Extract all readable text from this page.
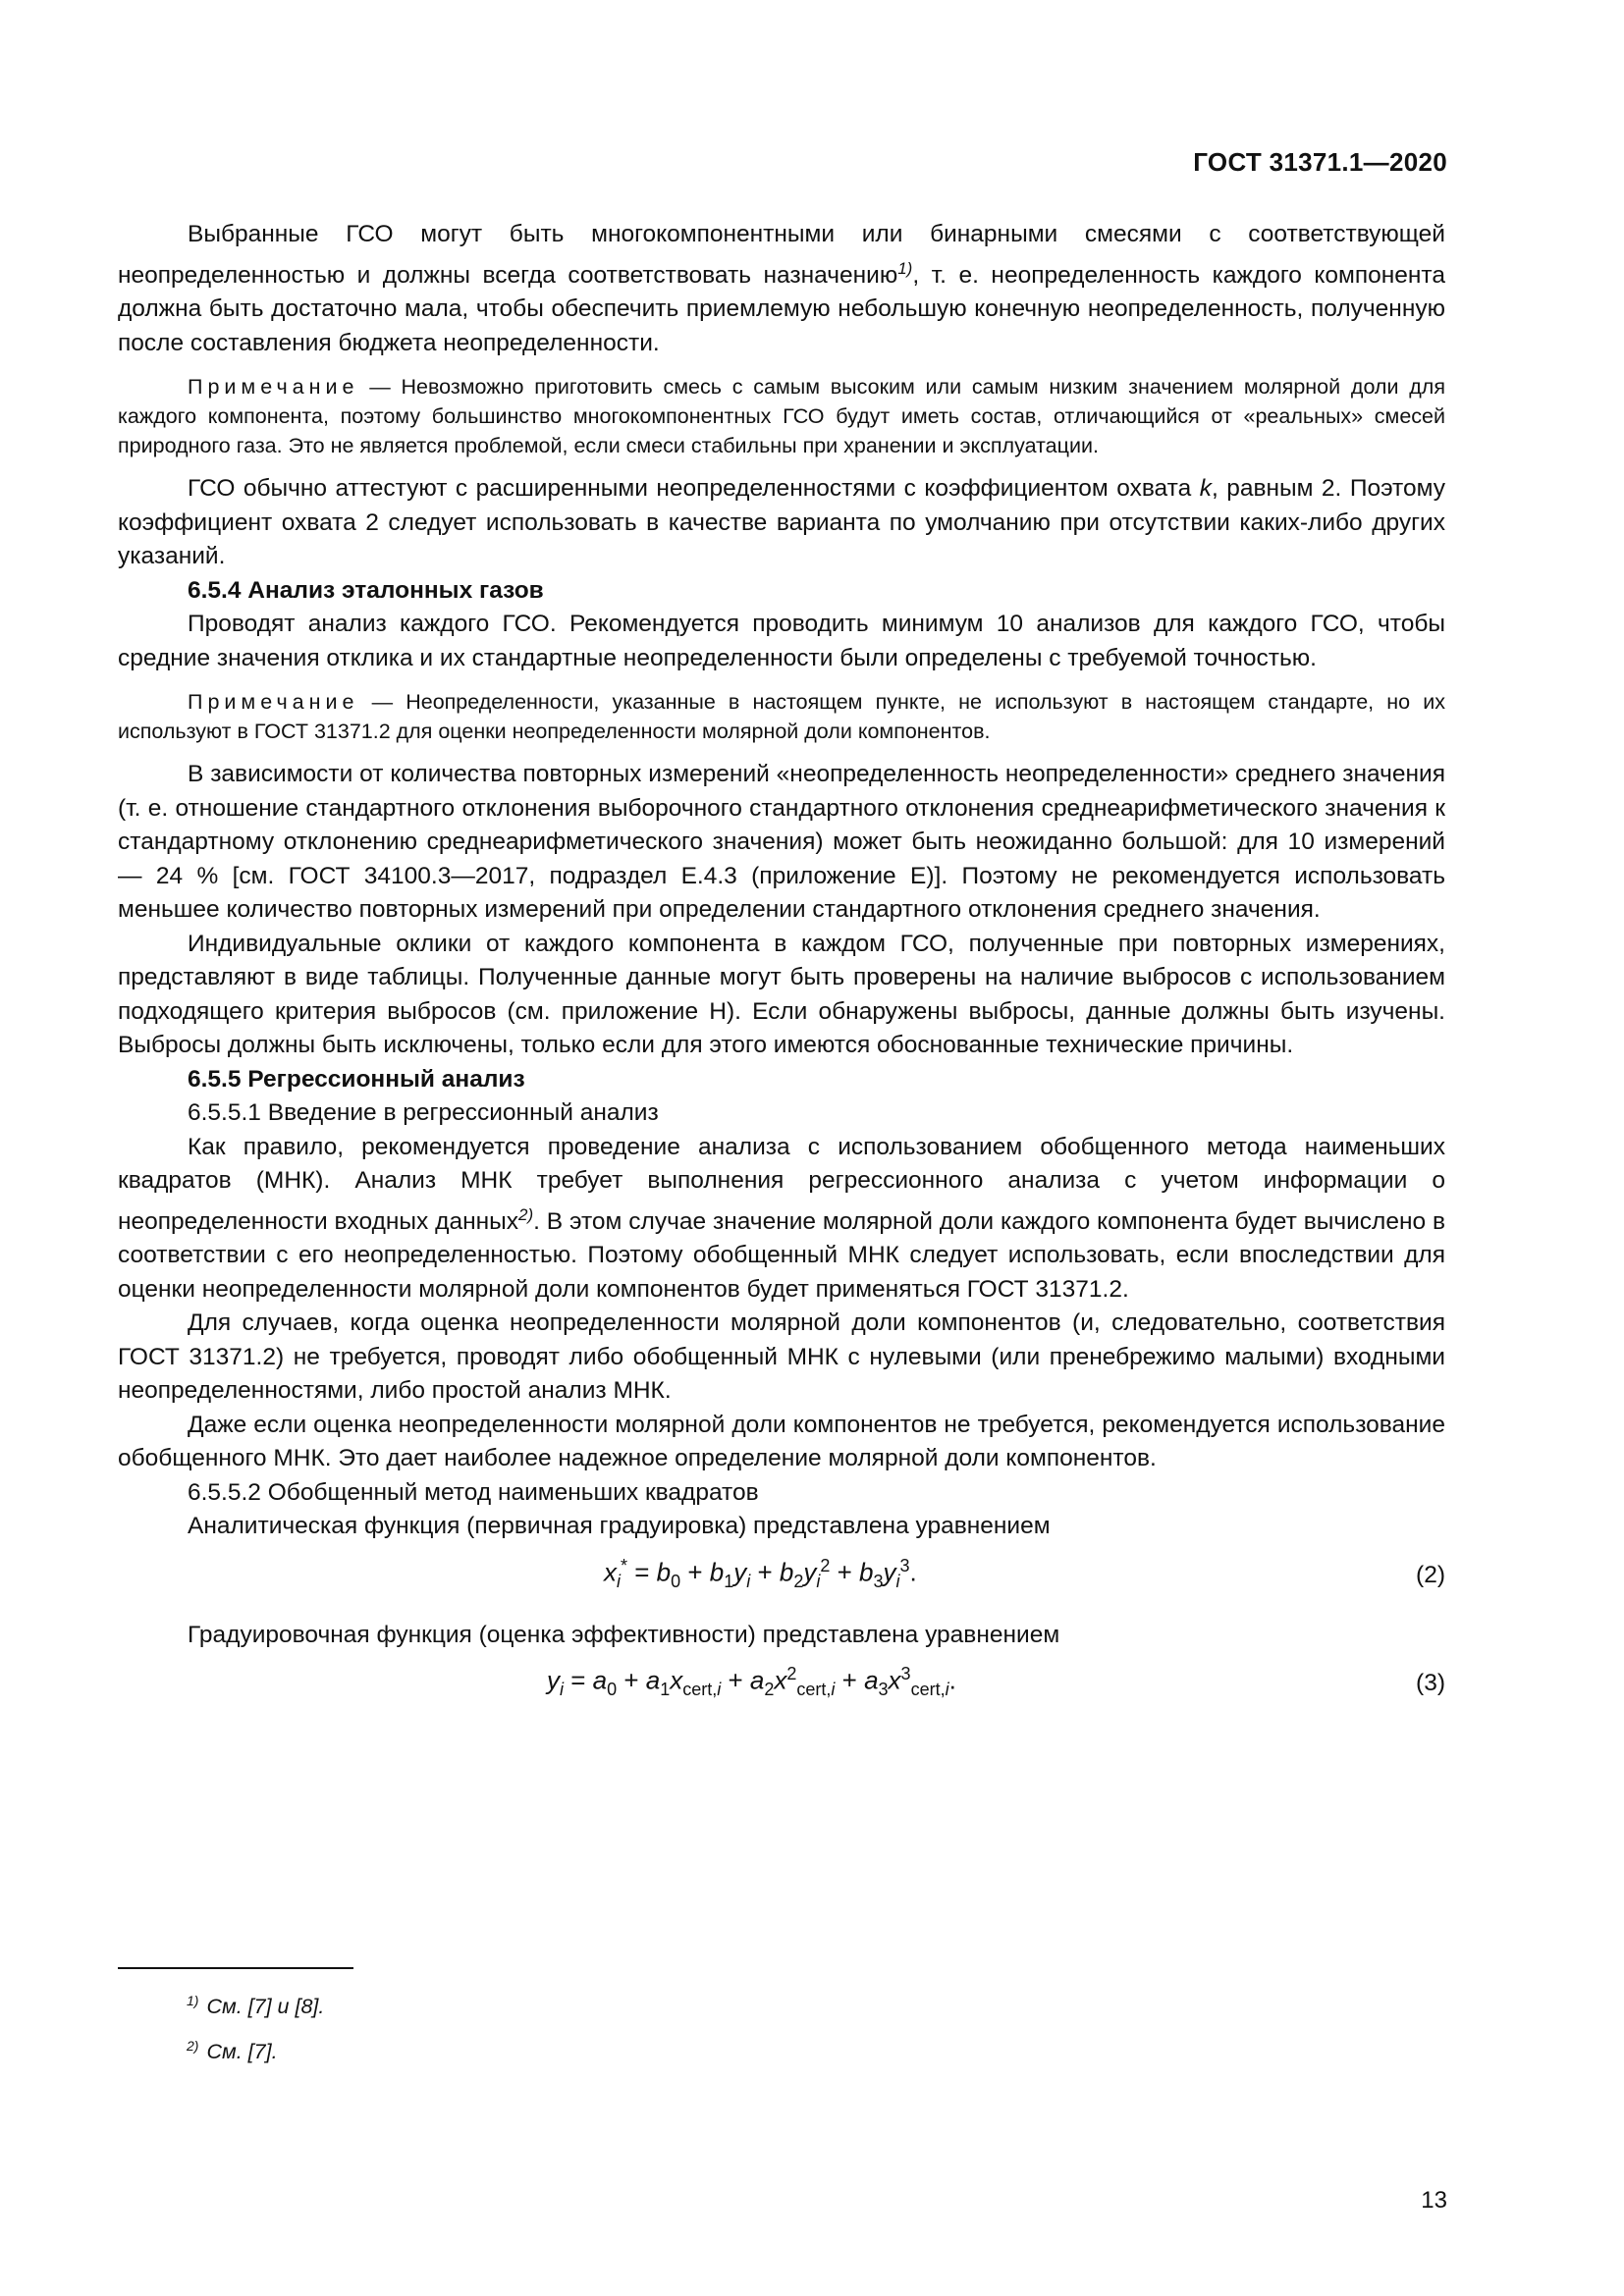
ГОСТ 31371.1—2020

Выбранные ГСО могут быть многокомпонентными или бинарными смесями с соответствующей неопределенностью и должны всегда соответствовать назначению$^{1)}$, т. е. неопределенность каждого компонента должна быть достаточно мала, чтобы обеспечить приемлемую небольшую конечную неопределенность, полученную после составления бюджета неопределенности.

Примечание — Невозможно приготовить смесь с самым высоким или самым низким значением молярной доли для каждого компонента, поэтому большинство многокомпонентных ГСО будут иметь состав, отличающийся от «реальных» смесей природного газа. Это не является проблемой, если смеси стабильны при хранении и эксплуатации.

ГСО обычно аттестуют с расширенными неопределенностями с коэффициентом охвата k, равным 2. Поэтому коэффициент охвата 2 следует использовать в качестве варианта по умолчанию при отсутствии каких-либо других указаний.

6.5.4 Анализ эталонных газов

Проводят анализ каждого ГСО. Рекомендуется проводить минимум 10 анализов для каждого ГСО, чтобы средние значения отклика и их стандартные неопределенности были определены с требуемой точностью.

Примечание — Неопределенности, указанные в настоящем пункте, не используют в настоящем стандарте, но их используют в ГОСТ 31371.2 для оценки неопределенности молярной доли компонентов.

В зависимости от количества повторных измерений «неопределенность неопределенности» среднего значения (т. е. отношение стандартного отклонения выборочного стандартного отклонения среднеарифметического значения к стандартному отклонению среднеарифметического значения) может быть неожиданно большой: для 10 измерений — 24 % [см. ГОСТ 34100.3—2017, подраздел Е.4.3 (приложение Е)]. Поэтому не рекомендуется использовать меньшее количество повторных измерений при определении стандартного отклонения среднего значения.

Индивидуальные оклики от каждого компонента в каждом ГСО, полученные при повторных измерениях, представляют в виде таблицы. Полученные данные могут быть проверены на наличие выбросов с использованием подходящего критерия выбросов (см. приложение Н). Если обнаружены выбросы, данные должны быть изучены. Выбросы должны быть исключены, только если для этого имеются обоснованные технические причины.

6.5.5 Регрессионный анализ

6.5.5.1 Введение в регрессионный анализ

Как правило, рекомендуется проведение анализа с использованием обобщенного метода наименьших квадратов (МНК). Анализ МНК требует выполнения регрессионного анализа с учетом информации о неопределенности входных данных$^{2)}$. В этом случае значение молярной доли каждого компонента будет вычислено в соответствии с его неопределенностью. Поэтому обобщенный МНК следует использовать, если впоследствии для оценки неопределенности молярной доли компонентов будет применяться ГОСТ 31371.2.

Для случаев, когда оценка неопределенности молярной доли компонентов (и, следовательно, соответствия ГОСТ 31371.2) не требуется, проводят либо обобщенный МНК с нулевыми (или пренебрежимо малыми) входными неопределенностями, либо простой анализ МНК.

Даже если оценка неопределенности молярной доли компонентов не требуется, рекомендуется использование обобщенного МНК. Это дает наиболее надежное определение молярной доли компонентов.

6.5.5.2 Обобщенный метод наименьших квадратов

Аналитическая функция (первичная градуировка) представлена уравнением

$x_i^* = b_0 + b_1y_i + b_2y_i^2 + b_3y_i^3$.	(2)

Градуировочная функция (оценка эффективности) представлена уравнением

$y_i = a_0 + a_1x_{cert,i} + a_2x^2_{cert,i} + a_3x^3_{cert,i}$.	(3)
$^{1)}$ См. [7] и [8].
$^{2)}$ См. [7].
13
